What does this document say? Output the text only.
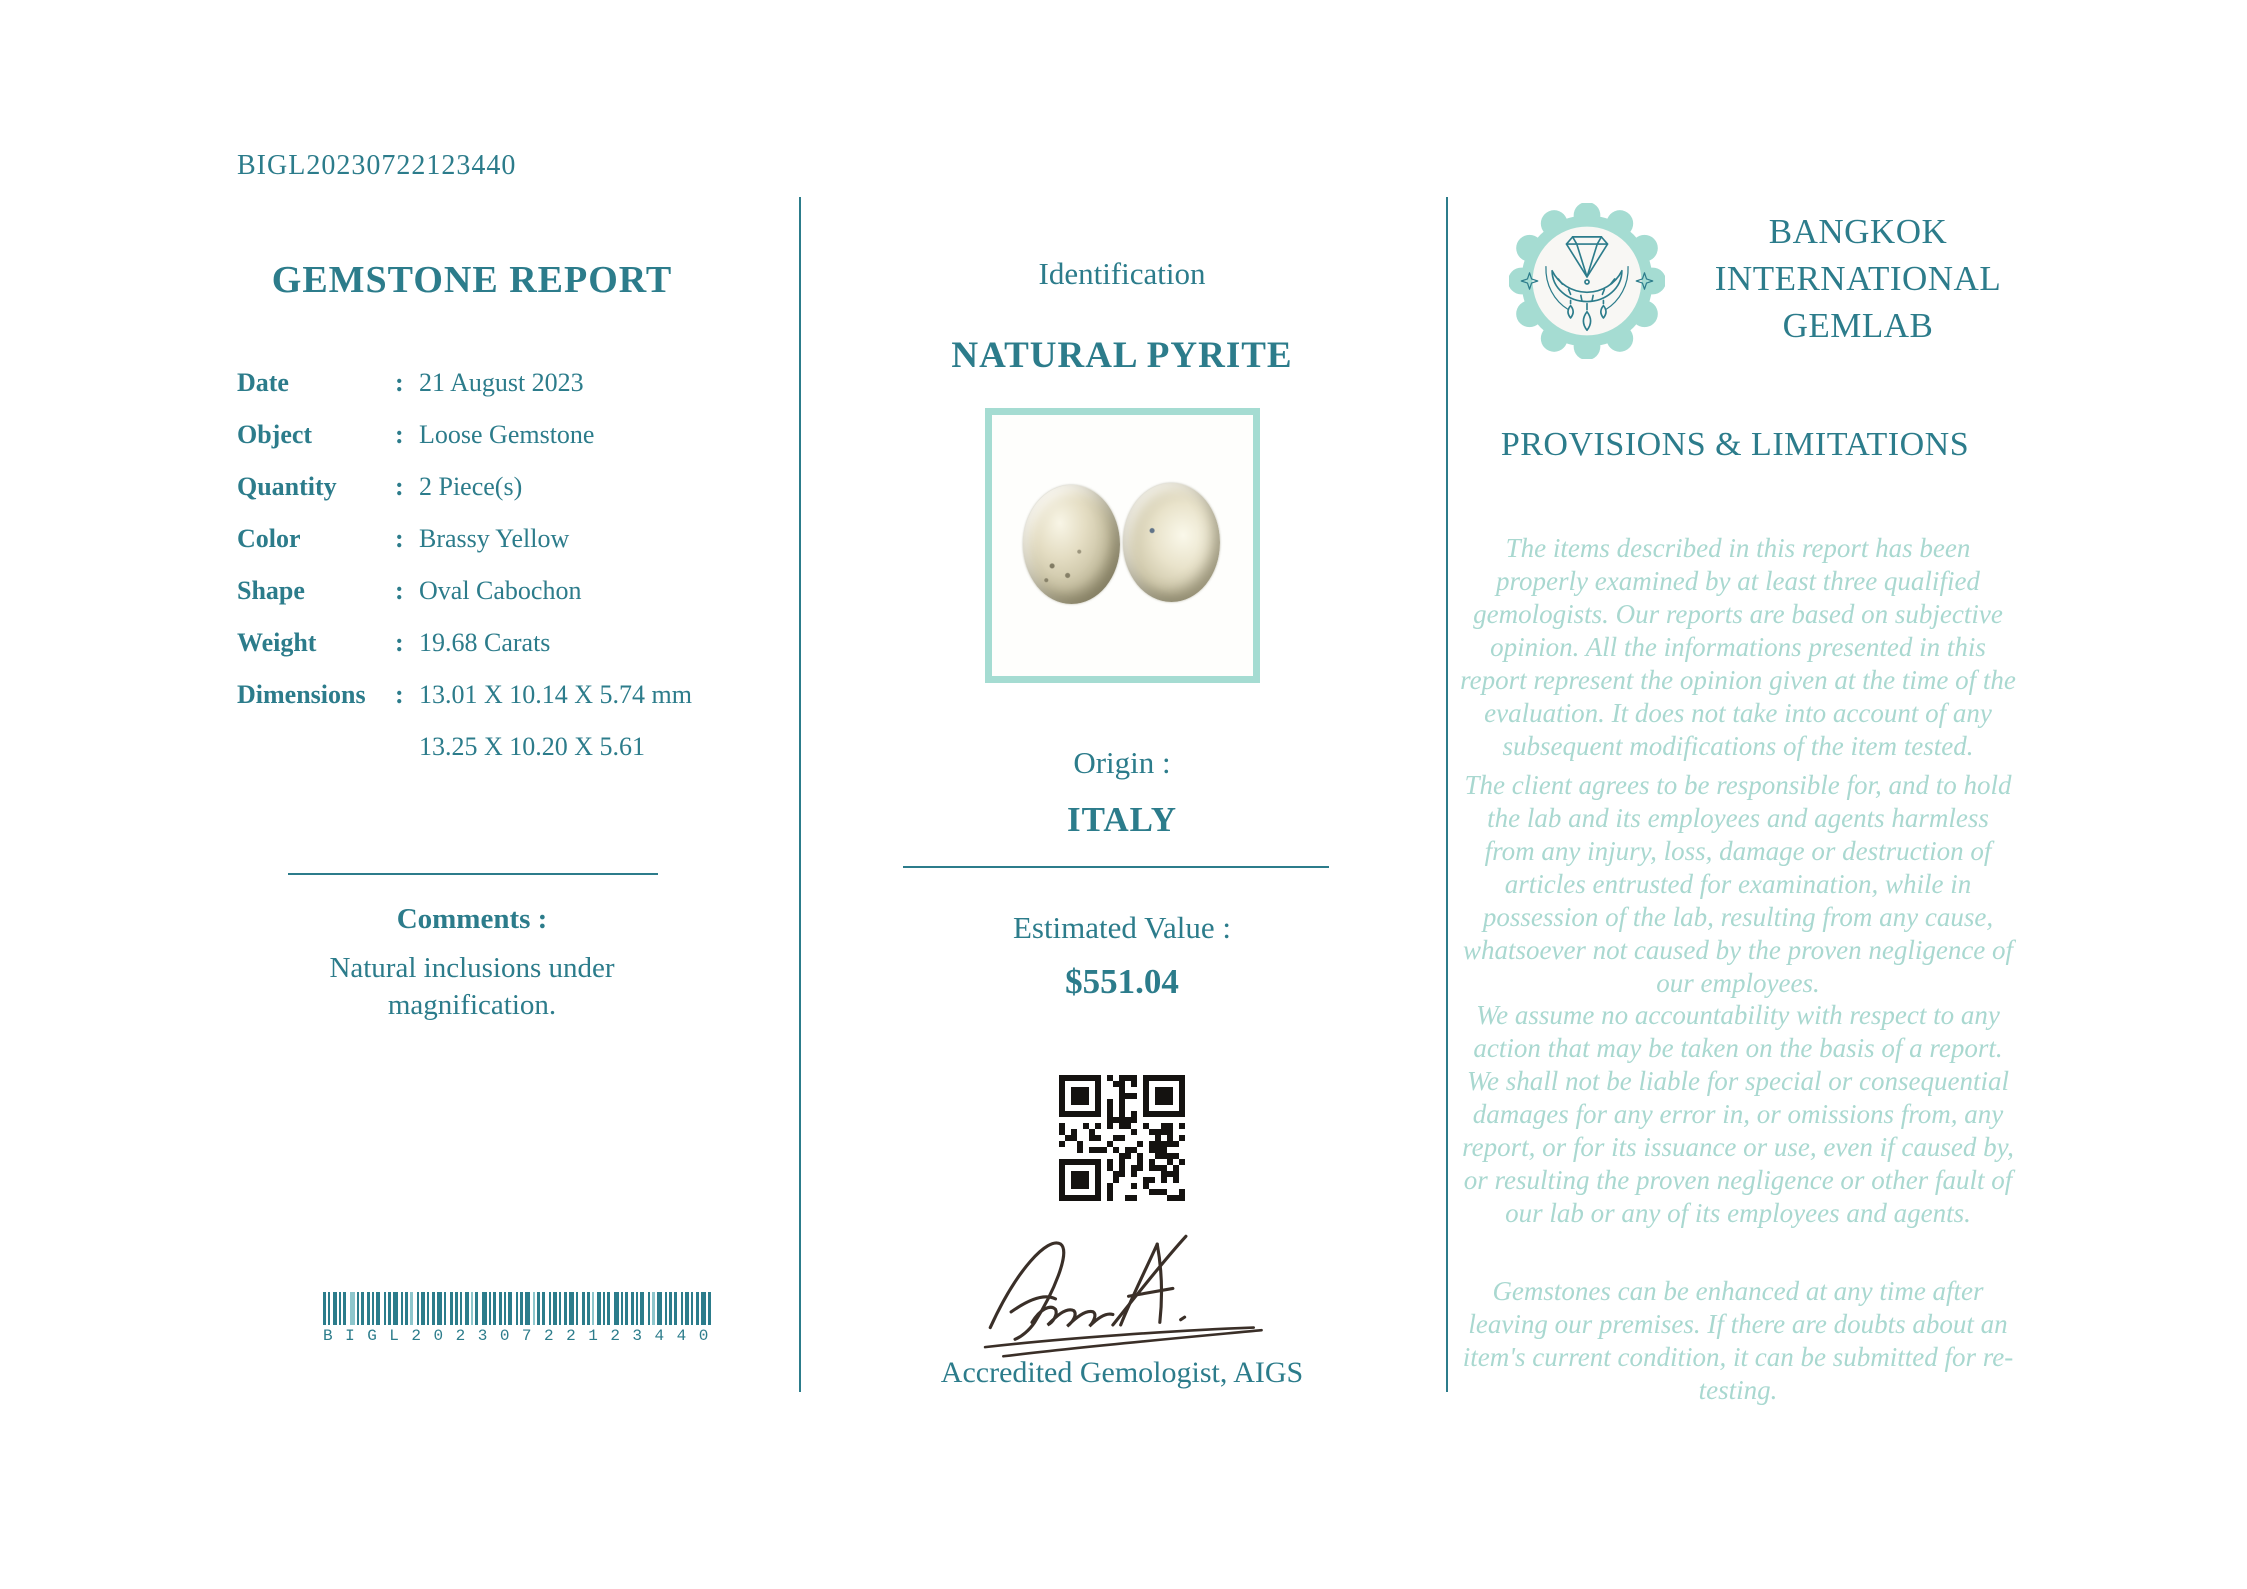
BIGL20230722123440
GEMSTONE REPORT
Date	: 21 August 2023
Object	: Loose Gemstone
Quantity	: 2 Piece(s)
Color	: Brassy Yellow
Shape	: Oval Cabochon
Weight	: 19.68 Carats
Dimensions	: 13.01 X 10.14 X 5.74 mm
13.25 X 10.20 X 5.61
Comments :
Natural inclusions under magnification.
BIGL20230722123440
Identification
NATURAL PYRITE
Origin :
ITALY
Estimated Value :
$551.04
Accredited Gemologist, AIGS
BANGKOK
INTERNATIONAL
GEMLAB
PROVISIONS & LIMITATIONS

The items described in this report has been properly examined by at least three qualified gemologists. Our reports are based on subjective opinion. All the informations presented in this report represent the opinion given at the time of the evaluation. It does not take into account of any subsequent modifications of the item tested.

The client agrees to be responsible for, and to hold the lab and its employees and agents harmless from any injury, loss, damage or destruction of articles entrusted for examination, while in possession of the lab, resulting from any cause, whatsoever not caused by the proven negligence of our employees.

We assume no accountability with respect to any action that may be taken on the basis of a report. We shall not be liable for special or consequential damages for any error in, or omissions from, any report, or for its issuance or use, even if caused by, or resulting the proven negligence or other fault of our lab or any of its employees and agents.

Gemstones can be enhanced at any time after leaving our premises. If there are doubts about an item's current condition, it can be submitted for re-testing.
